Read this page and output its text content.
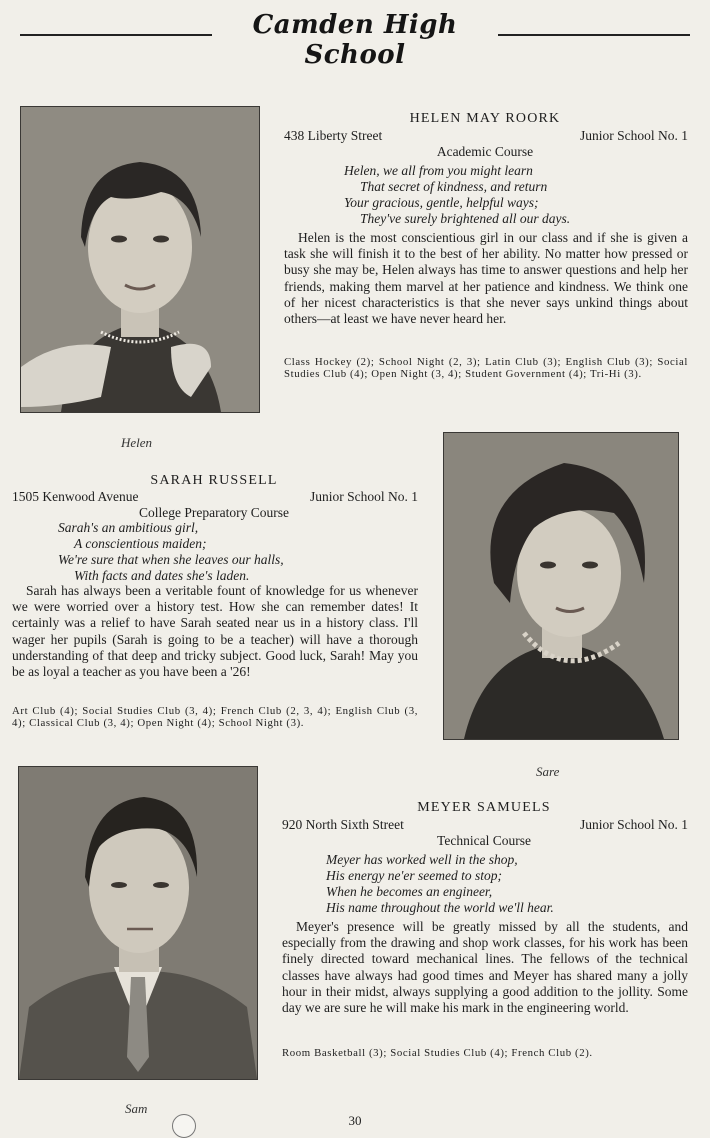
Camden High School
Helen
HELEN MAY ROORK
438 Liberty Street	Junior School No. 1
Academic Course
Helen, we all from you might learn
That secret of kindness, and return
Your gracious, gentle, helpful ways;
They've surely brightened all our days.
Helen is the most conscientious girl in our class and if she is given a task she will finish it to the best of her ability. No matter how pressed or busy she may be, Helen always has time to answer questions and help her friends, making them marvel at her patience and kindness. We think one of her nicest characteristics is that she never says unkind things about others—at least we have never heard her.
Class Hockey (2); School Night (2, 3); Latin Club (3); English Club (3); Social Studies Club (4); Open Night (3, 4); Student Government (4); Tri-Hi (3).
SARAH RUSSELL
1505 Kenwood Avenue	Junior School No. 1
College Preparatory Course
Sarah's an ambitious girl,
A conscientious maiden;
We're sure that when she leaves our halls,
With facts and dates she's laden.
Sarah has always been a veritable fount of knowledge for us whenever we were worried over a history test. How she can remember dates! It certainly was a relief to have Sarah seated near us in a history class. I'll wager her pupils (Sarah is going to be a teacher) will have a thorough understanding of that deep and tricky subject. Good luck, Sarah! May you be as loyal a teacher as you have been a '26!
Art Club (4); Social Studies Club (3, 4); French Club (2, 3, 4); English Club (3, 4); Classical Club (3, 4); Open Night (4); School Night (3).
Sare
Sam
MEYER SAMUELS
920 North Sixth Street	Junior School No. 1
Technical Course
Meyer has worked well in the shop,
His energy ne'er seemed to stop;
When he becomes an engineer,
His name throughout the world we'll hear.
Meyer's presence will be greatly missed by all the students, and especially from the drawing and shop work classes, for his work has been finely directed toward mechanical lines. The fellows of the technical classes have always had good times and Meyer has shared many a jolly hour in their midst, always supplying a good addition to the jollity. Some day we are sure he will make his mark in the engineering world.
Room Basketball (3); Social Studies Club (4); French Club (2).
30
